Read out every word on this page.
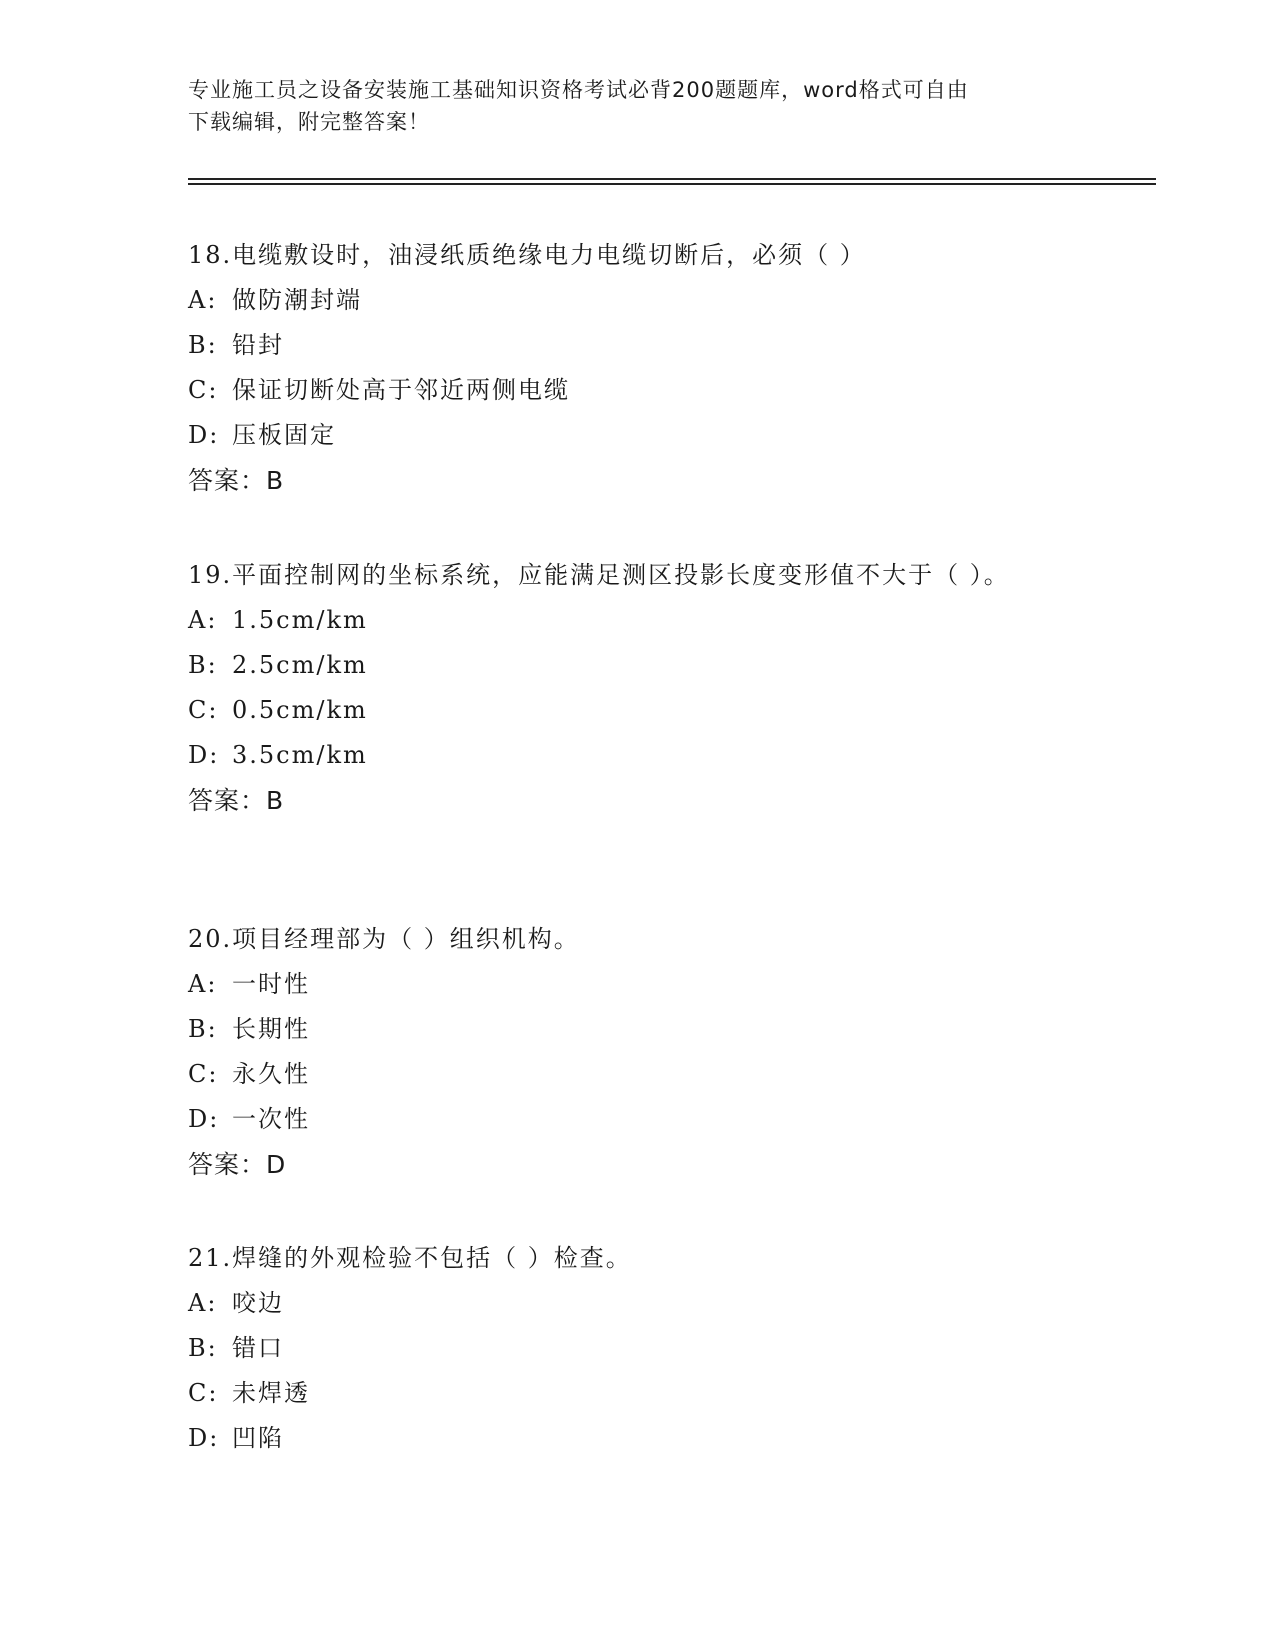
专业施工员之设备安装施工基础知识资格考试必背200题题库，word格式可自由
下载编辑，附完整答案！

18.电缆敷设时，油浸纸质绝缘电力电缆切断后，必须（ ）

A: 做防潮封端

B: 铅封

C: 保证切断处高于邻近两侧电缆

D: 压板固定

答案：B

19.平面控制网的坐标系统，应能满足测区投影长度变形值不大于（ ）。

A: 1.5cm/km

B: 2.5cm/km

C: 0.5cm/km

D: 3.5cm/km

答案：B

20.项目经理部为（ ）组织机构。

A: 一时性

B: 长期性

C: 永久性

D: 一次性

答案：D

21.焊缝的外观检验不包括（ ）检查。

A: 咬边

B: 错口

C: 未焊透

D: 凹陷
